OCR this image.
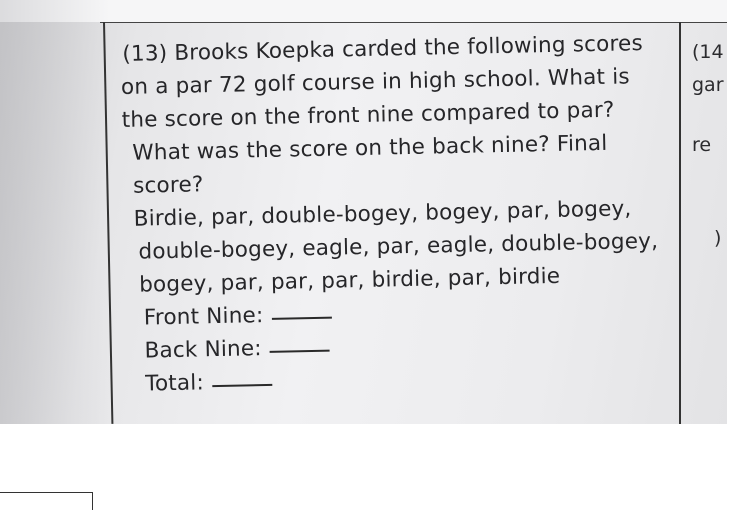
(13) Brooks Koepka carded the following scores
on a par 72 golf course in high school. What is
the score on the front nine compared to par?
What was the score on the back nine? Final
score?
Birdie, par, double-bogey, bogey, par, bogey,
double-bogey, eagle, par, eagle, double-bogey,
bogey, par, par, par, birdie, par, birdie
Front Nine:
Back Nine:
Total:
(14
gar
re
)
